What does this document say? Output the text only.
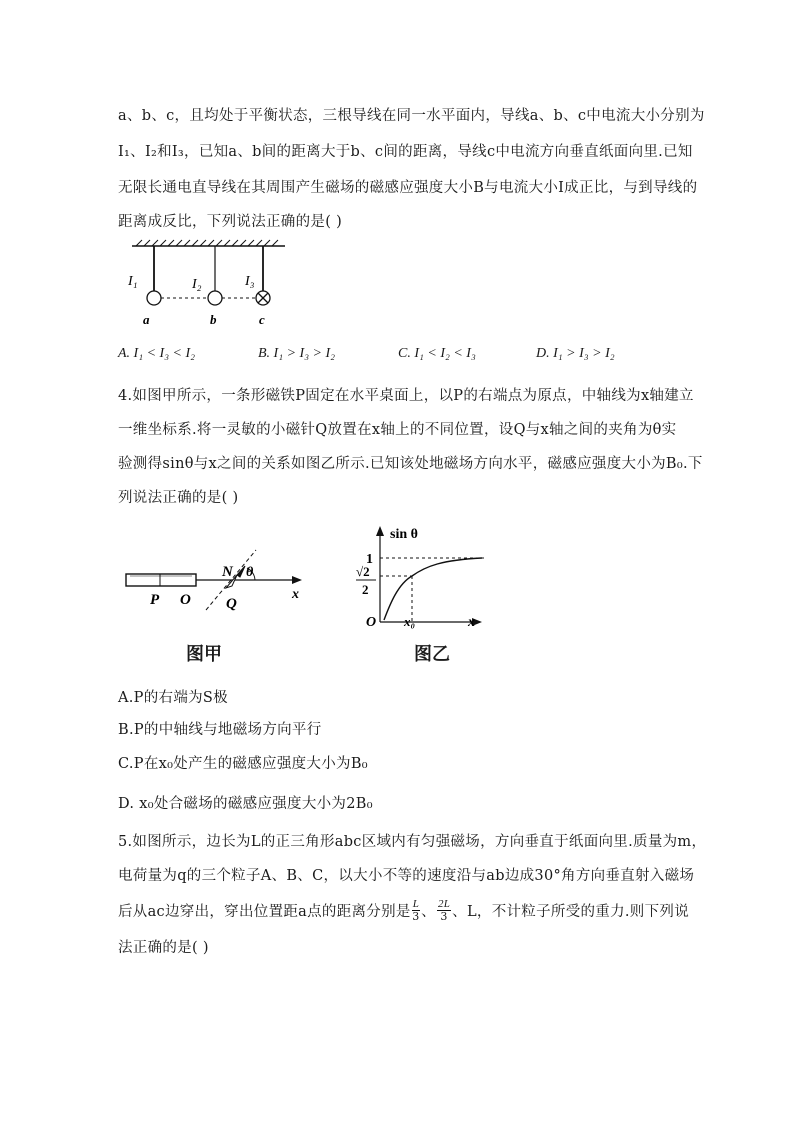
a、b、c，且均处于平衡状态，三根导线在同一水平面内，导线a、b、c中电流大小分别为
I₁、I₂和I₃，已知a、b间的距离大于b、c间的距离，导线c中电流方向垂直纸面向里.已知
无限长通电直导线在其周围产生磁场的磁感应强度大小B与电流大小I成正比，与到导线的
距离成反比，下列说法正确的是( )
I₁	I₂	I₃
a	b	c
A. I₁ < I₃ < I₂	B. I₁ > I₃ > I₂	C. I₁ < I₂ < I₃	D. I₁ > I₃ > I₂
4.如图甲所示，一条形磁铁P固定在水平桌面上，以P的右端点为原点，中轴线为x轴建立
一维坐标系.将一灵敏的小磁针Q放置在x轴上的不同位置，设Q与x轴之间的夹角为θ实
验测得sinθ与x之间的关系如图乙所示.已知该处地磁场方向水平，磁感应强度大小为B₀.下
列说法正确的是( )
P O
N θ
Q
x
sin θ
1
√2
2
O x₀	x
图甲	图乙
A.P的右端为S极
B.P的中轴线与地磁场方向平行
C.P在x₀处产生的磁感应强度大小为B₀
D. x₀处合磁场的磁感应强度大小为2B₀
5.如图所示，边长为L的正三角形abc区域内有匀强磁场，方向垂直于纸面向里.质量为m，
电荷量为q的三个粒子A、B、C，以大小不等的速度沿与ab边成30°角方向垂直射入磁场
后从ac边穿出，穿出位置距a点的距离分别是 $\frac{L}{3}$ 、 $\frac{2L}{3}$ 、L，不计粒子所受的重力.则下列说
法正确的是( )
